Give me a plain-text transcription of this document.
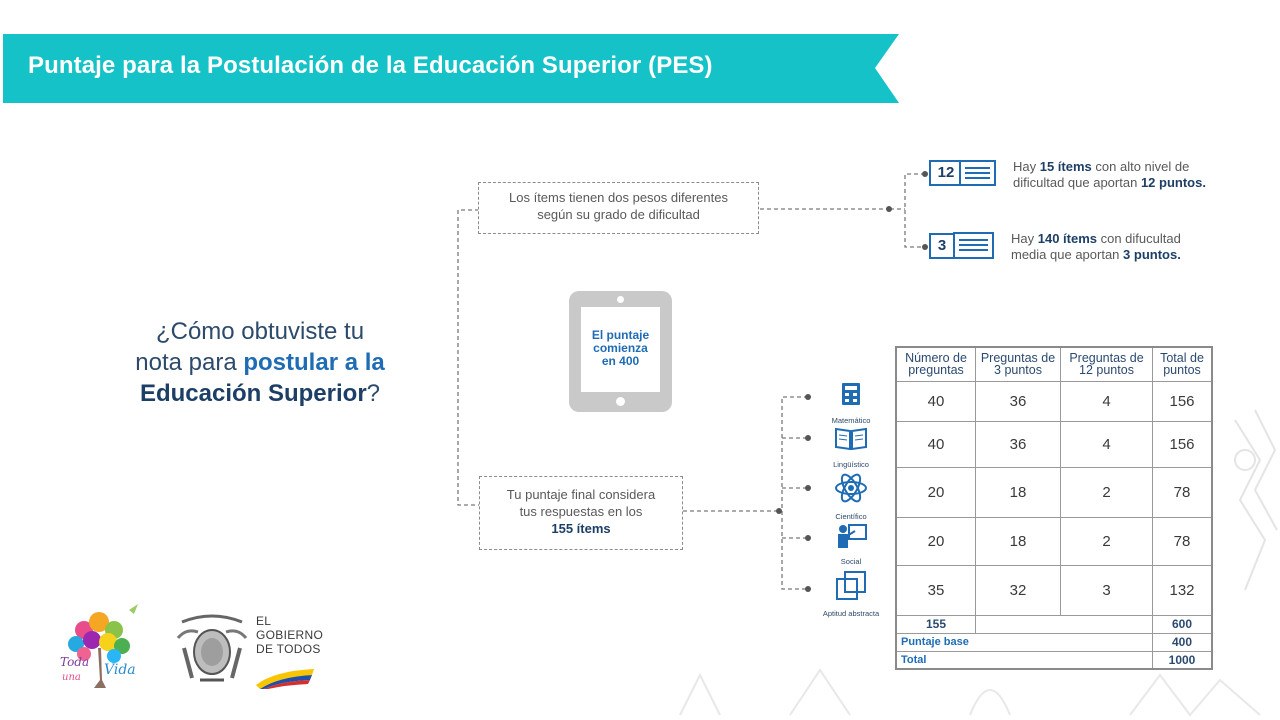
Puntaje para la Postulación de la Educación Superior (PES)
¿Cómo obtuviste tu
nota para postular a la
Educación Superior?
Los ítems tienen dos pesos diferentes
según su grado de dificultad
12	Hay 15 ítems con alto nivel de
dificultad que aportan 12 puntos.
3	Hay 140 ítems con difucultad
media que aportan 3 puntos.
El puntaje
comienza
en 400
Tu puntaje final considera
tus respuestas en los
155 ítems
Matemático
Lingüístico
Científico
Social
Aptitud abstracta
Número de preguntas	Preguntas de 3 puntos	Preguntas de 12 puntos	Total de puntos
40	36	4	156
40	36	4	156
20	18	2	78
20	18	2	78
35	32	3	132
155			600
Puntaje base			400
Total			1000
Toda
una Vida
EL
GOBIERNO
DE TODOS
